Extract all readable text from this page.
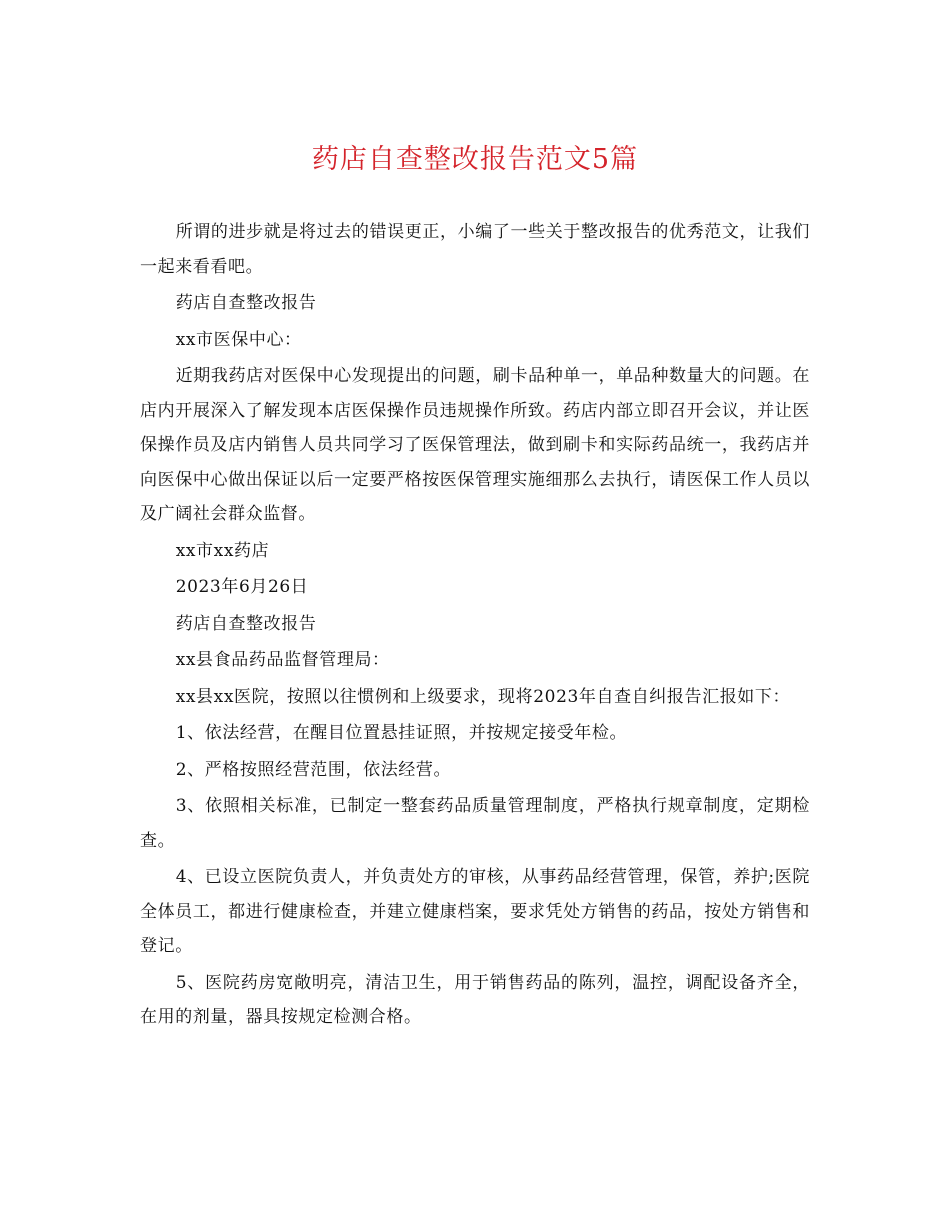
药店自查整改报告范文5篇

所谓的进步就是将过去的错误更正，小编了一些关于整改报告的优秀范文，让我们一起来看看吧。

药店自查整改报告

xx市医保中心：

近期我药店对医保中心发现提出的问题，刷卡品种单一，单品种数量大的问题。在店内开展深入了解发现本店医保操作员违规操作所致。药店内部立即召开会议，并让医保操作员及店内销售人员共同学习了医保管理法，做到刷卡和实际药品统一，我药店并向医保中心做出保证以后一定要严格按医保管理实施细那么去执行，请医保工作人员以及广阔社会群众监督。

xx市xx药店

2023年6月26日

药店自查整改报告

xx县食品药品监督管理局：

xx县xx医院，按照以往惯例和上级要求，现将2023年自查自纠报告汇报如下：

1、依法经营，在醒目位置悬挂证照，并按规定接受年检。

2、严格按照经营范围，依法经营。

3、依照相关标准，已制定一整套药品质量管理制度，严格执行规章制度，定期检查。

4、已设立医院负责人，并负责处方的审核，从事药品经营管理，保管，养护;医院全体员工，都进行健康检查，并建立健康档案，要求凭处方销售的药品，按处方销售和登记。

5、医院药房宽敞明亮，清洁卫生，用于销售药品的陈列，温控，调配设备齐全，在用的剂量，器具按规定检测合格。
